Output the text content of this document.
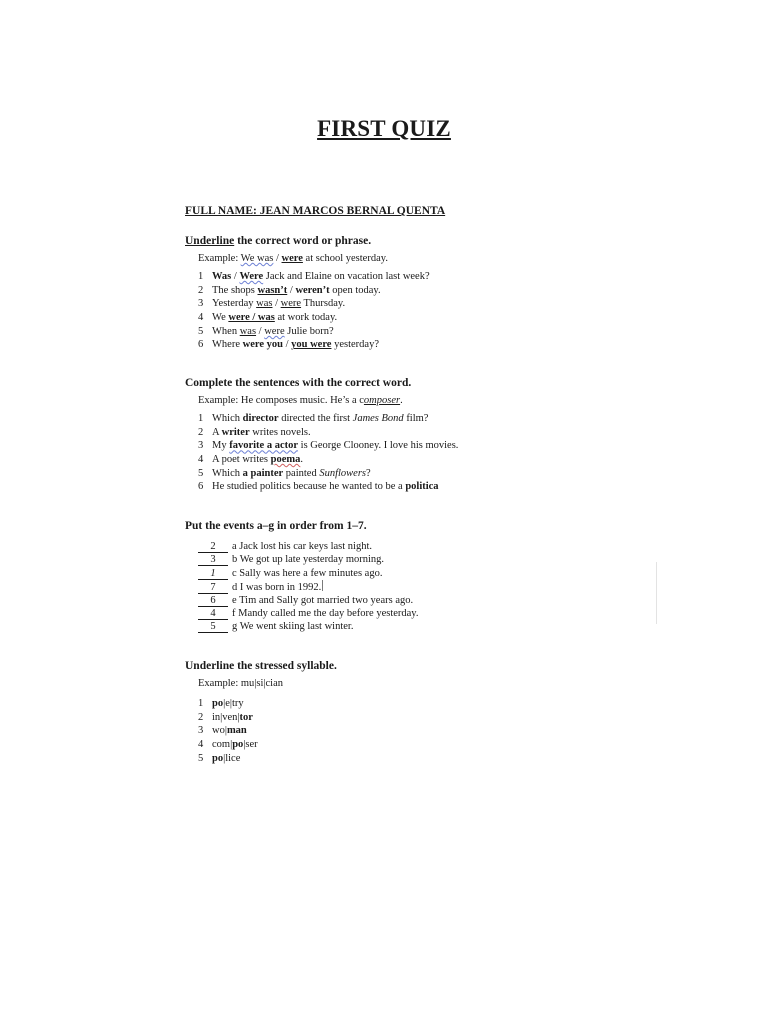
FIRST QUIZ
FULL NAME: JEAN MARCOS BERNAL QUENTA
Underline the correct word or phrase.
Example: We was / were at school yesterday.
1 Was / Were Jack and Elaine on vacation last week?
2 The shops wasn’t / weren’t open today.
3 Yesterday was / were Thursday.
4 We were / was at work today.
5 When was / were Julie born?
6 Where were you / you were yesterday?
Complete the sentences with the correct word.
Example: He composes music. He’s a composer.
1 Which director directed the first James Bond film?
2 A writer writes novels.
3 My favorite a actor is George Clooney. I love his movies.
4 A poet writes poema.
5 Which a painter painted Sunflowers?
6 He studied politics because he wanted to be a politica
Put the events a–g in order from 1–7.
2 a Jack lost his car keys last night.
3 b We got up late yesterday morning.
1 c Sally was here a few minutes ago.
7 d I was born in 1992.
6 e Tim and Sally got married two years ago.
4 f Mandy called me the day before yesterday.
5 g We went skiing last winter.
Underline the stressed syllable.
Example: mu|si|cian
1 po|e|try
2 in|ven|tor
3 wo|man
4 com|po|ser
5 po|lice
